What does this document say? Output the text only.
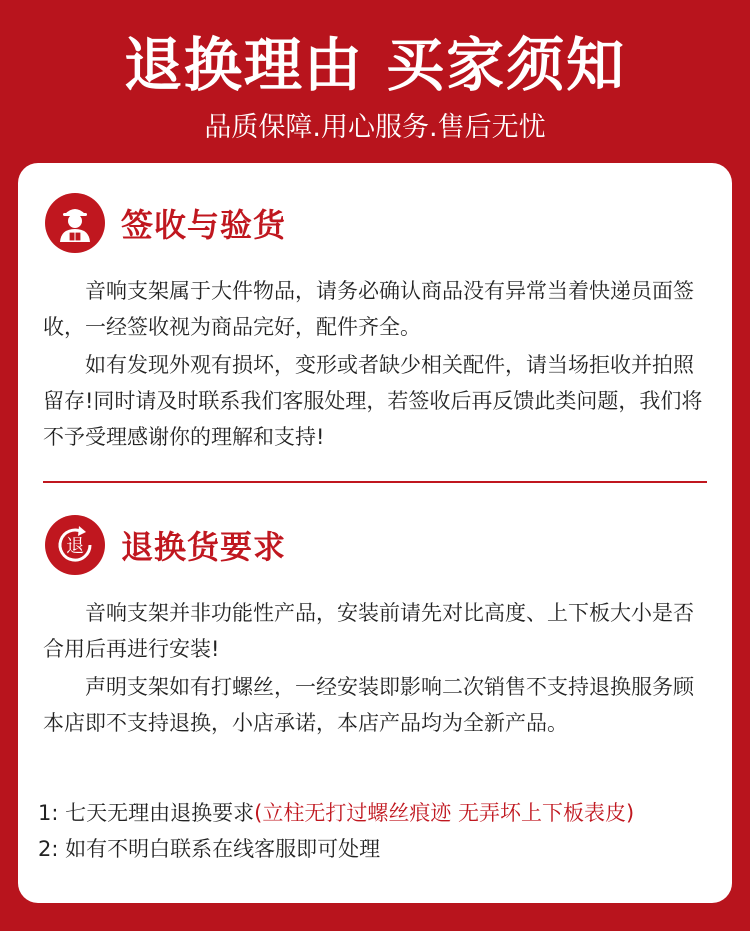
退换理由 买家须知
品质保障.用心服务.售后无忧
签收与验货
音响支架属于大件物品，请务必确认商品没有异常当着快递员面签收，一经签收视为商品完好，配件齐全。
如有发现外观有损坏，变形或者缺少相关配件，请当场拒收并拍照留存!同时请及时联系我们客服处理，若签收后再反馈此类问题，我们将不予受理感谢你的理解和支持!
退 退换货要求
音响支架并非功能性产品，安装前请先对比高度、上下板大小是否合用后再进行安装!
声明支架如有打螺丝，一经安装即影响二次销售不支持退换服务顾本店即不支持退换，小店承诺，本店产品均为全新产品。
1: 七天无理由退换要求(立柱无打过螺丝痕迹 无弄坏上下板表皮)
2: 如有不明白联系在线客服即可处理
